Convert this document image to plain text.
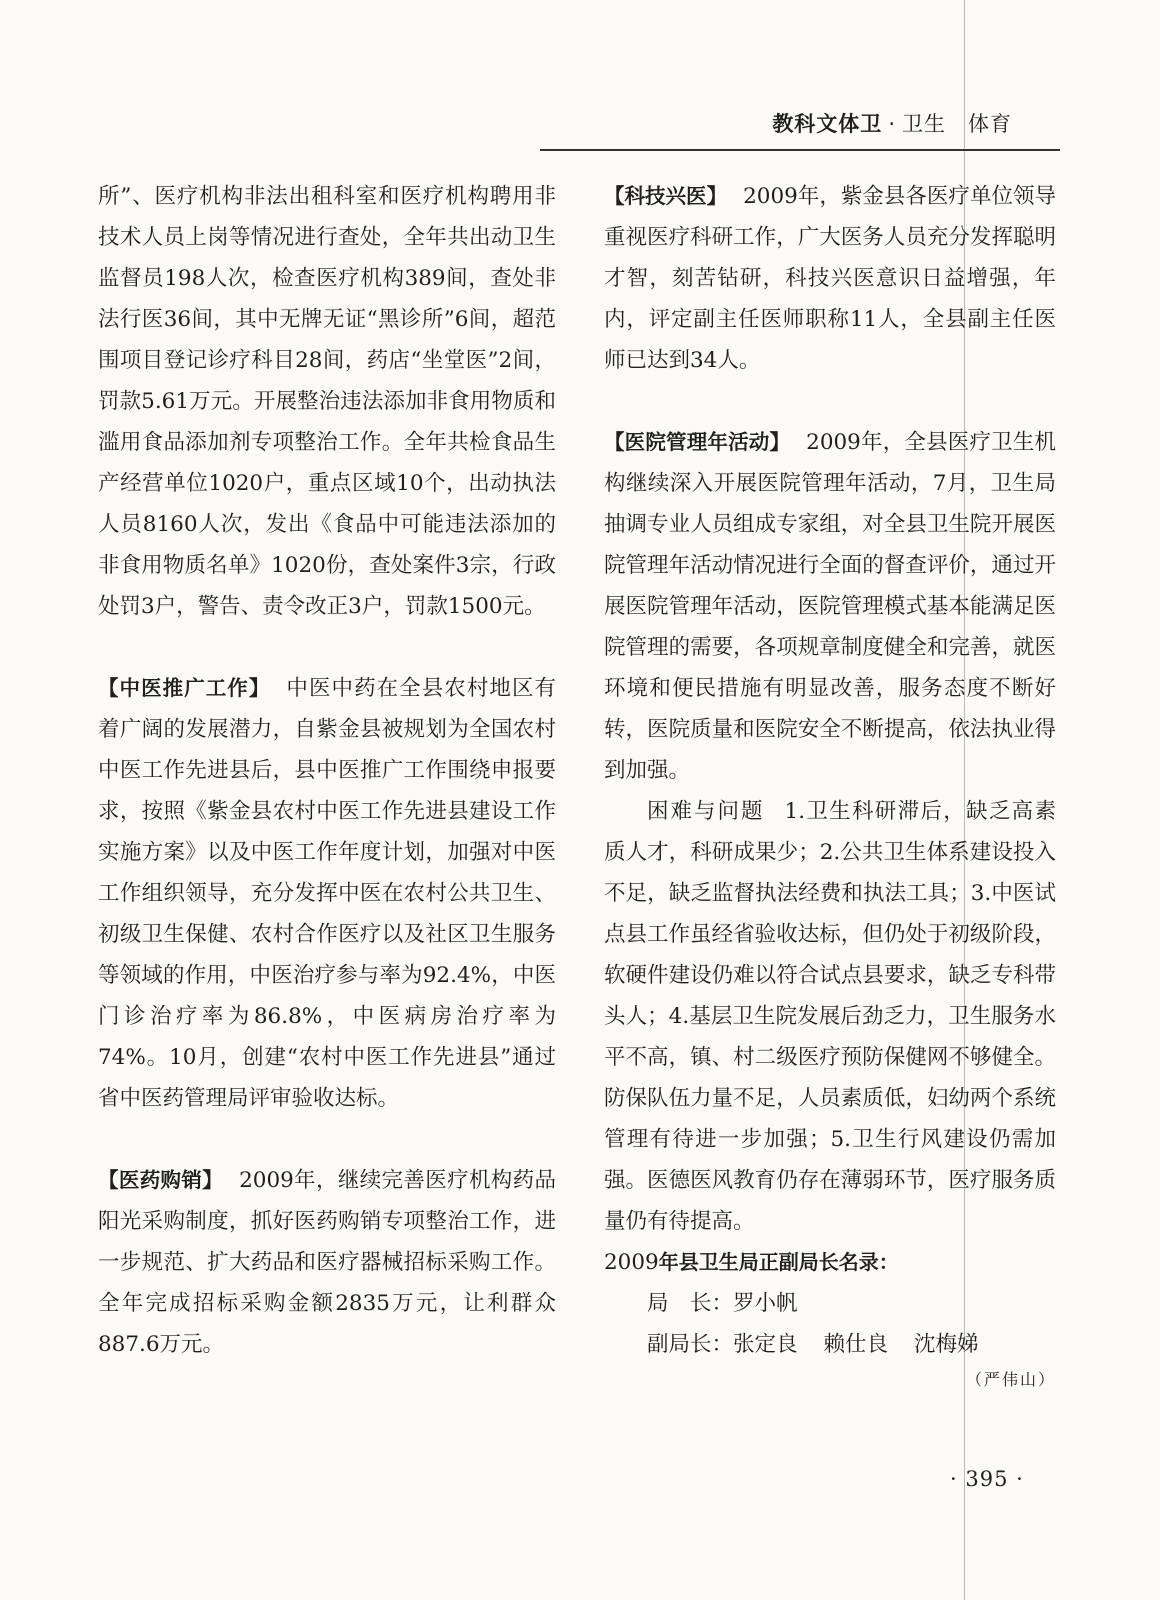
教科文体卫 · 卫生　体育

所”、医疗机构非法出租科室和医疗机构聘用非技术人员上岗等情况进行查处，全年共出动卫生监督员198人次，检查医疗机构389间，查处非法行医36间，其中无牌无证“黑诊所”6间，超范围项目登记诊疗科目28间，药店“坐堂医”2间，罚款5.61万元。开展整治违法添加非食用物质和滥用食品添加剂专项整治工作。全年共检食品生产经营单位1020户，重点区域10个，出动执法人员8160人次，发出《食品中可能违法添加的非食用物质名单》1020份，查处案件3宗，行政处罚3户，警告、责令改正3户，罚款1500元。

【中医推广工作】 中医中药在全县农村地区有着广阔的发展潜力，自紫金县被规划为全国农村中医工作先进县后，县中医推广工作围绕申报要求，按照《紫金县农村中医工作先进县建设工作实施方案》以及中医工作年度计划，加强对中医工作组织领导，充分发挥中医在农村公共卫生、初级卫生保健、农村合作医疗以及社区卫生服务等领域的作用，中医治疗参与率为92.4%，中医门诊治疗率为86.8%，中医病房治疗率为74%。10月，创建“农村中医工作先进县”通过省中医药管理局评审验收达标。

【医药购销】 2009年，继续完善医疗机构药品阳光采购制度，抓好医药购销专项整治工作，进一步规范、扩大药品和医疗器械招标采购工作。全年完成招标采购金额2835万元，让利群众887.6万元。

【科技兴医】 2009年，紫金县各医疗单位领导重视医疗科研工作，广大医务人员充分发挥聪明才智，刻苦钻研，科技兴医意识日益增强，年内，评定副主任医师职称11人，全县副主任医师已达到34人。

【医院管理年活动】 2009年，全县医疗卫生机构继续深入开展医院管理年活动，7月，卫生局抽调专业人员组成专家组，对全县卫生院开展医院管理年活动情况进行全面的督查评价，通过开展医院管理年活动，医院管理模式基本能满足医院管理的需要，各项规章制度健全和完善，就医环境和便民措施有明显改善，服务态度不断好转，医院质量和医院安全不断提高，依法执业得到加强。

困难与问题 1.卫生科研滞后，缺乏高素质人才，科研成果少；2.公共卫生体系建设投入不足，缺乏监督执法经费和执法工具；3.中医试点县工作虽经省验收达标，但仍处于初级阶段，软硬件建设仍难以符合试点县要求，缺乏专科带头人；4.基层卫生院发展后劲乏力，卫生服务水平不高，镇、村二级医疗预防保健网不够健全。防保队伍力量不足，人员素质低，妇幼两个系统管理有待进一步加强；5.卫生行风建设仍需加强。医德医风教育仍存在薄弱环节，医疗服务质量仍有待提高。

2009年县卫生局正副局长名录：
局　长：罗小帆
副局长：张定良 赖仕良 沈梅娣
（严伟山）
· 395 ·
